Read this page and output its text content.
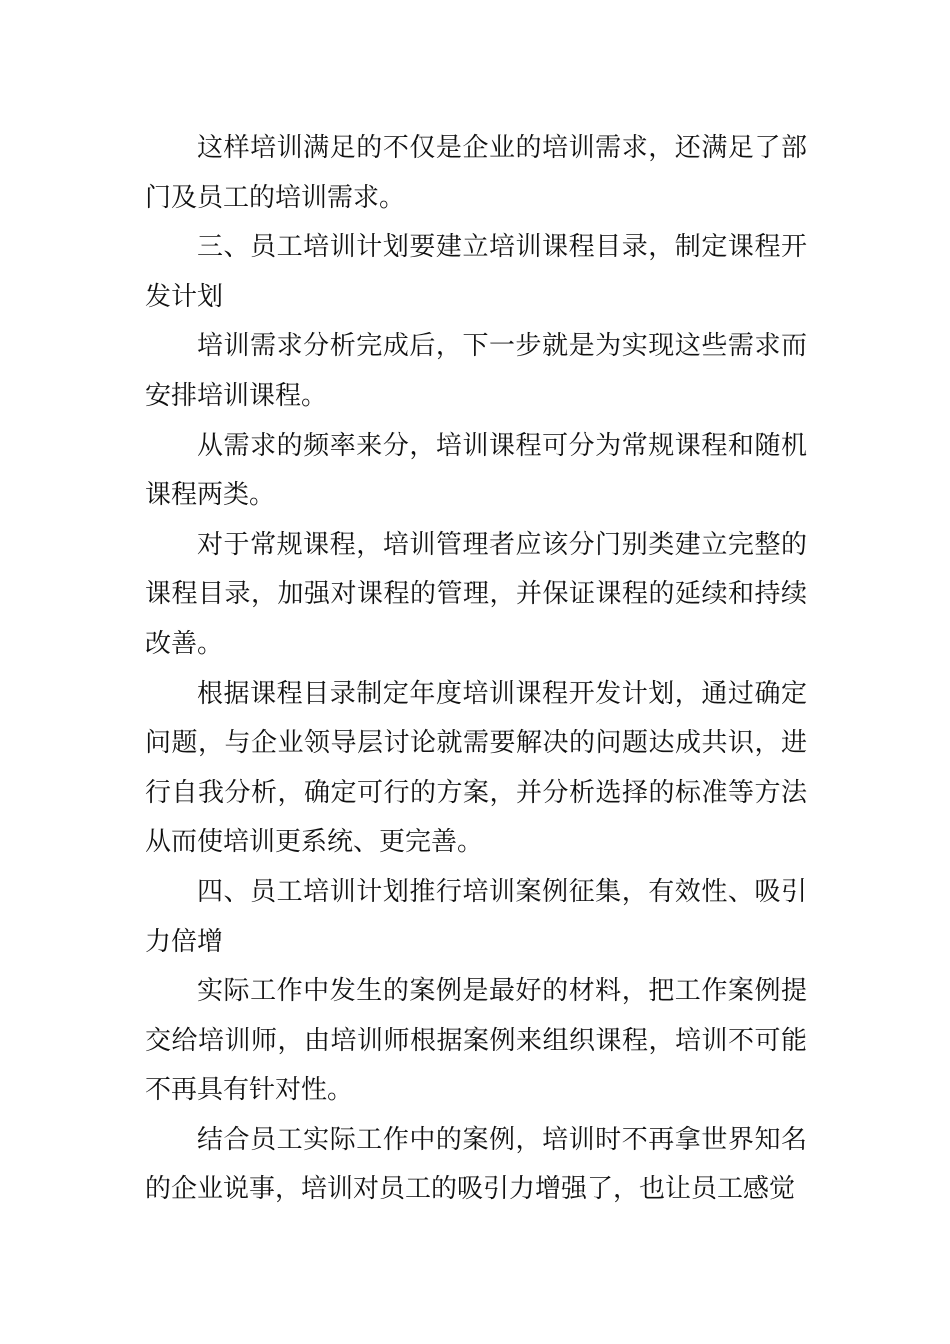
这样培训满足的不仅是企业的培训需求，还满足了部门及员工的培训需求。

三、员工培训计划要建立培训课程目录，制定课程开发计划

培训需求分析完成后，下一步就是为实现这些需求而安排培训课程。

从需求的频率来分，培训课程可分为常规课程和随机课程两类。

对于常规课程，培训管理者应该分门别类建立完整的课程目录，加强对课程的管理，并保证课程的延续和持续改善。

根据课程目录制定年度培训课程开发计划，通过确定问题，与企业领导层讨论就需要解决的问题达成共识，进行自我分析，确定可行的方案，并分析选择的标准等方法从而使培训更系统、更完善。

四、员工培训计划推行培训案例征集，有效性、吸引力倍增

实际工作中发生的案例是最好的材料，把工作案例提交给培训师，由培训师根据案例来组织课程，培训不可能不再具有针对性。

结合员工实际工作中的案例，培训时不再拿世界知名的企业说事，培训对员工的吸引力增强了，也让员工感觉
